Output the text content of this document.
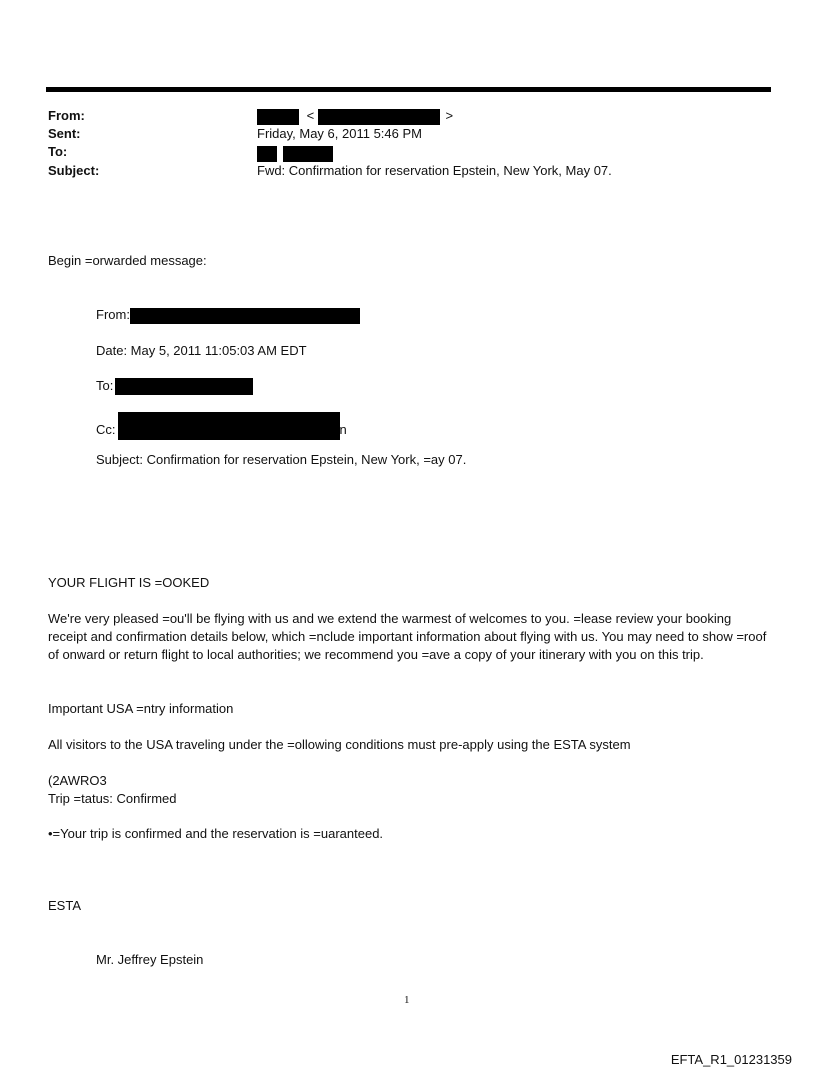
From:	<	>
Sent:	Friday, May 6, 2011 5:46 PM
To:

Subject:	Fwd: Confirmation for reservation Epstein, New York, May 07.
Begin =orwarded message:
From:
Date: May 5, 2011 11:05:03 AM EDT
To:
Cc:	n
Subject: Confirmation for reservation Epstein, New York, =ay 07.
YOUR FLIGHT IS =OOKED
We're very pleased =ou'll be flying with us and we extend the warmest of welcomes to you. =lease review your booking receipt and confirmation details below, which =nclude important information about flying with us. You may need to show =roof of onward or return flight to local authorities; we recommend you =ave a copy of your itinerary with you on this trip.
Important USA =ntry information
All visitors to the USA traveling under the =ollowing conditions must pre-apply using the ESTA system
(2AWRO3
Trip =tatus: Confirmed
•=Your trip is confirmed and the reservation is =uaranteed.
ESTA
Mr. Jeffrey Epstein
1
EFTA_R1_01231359
